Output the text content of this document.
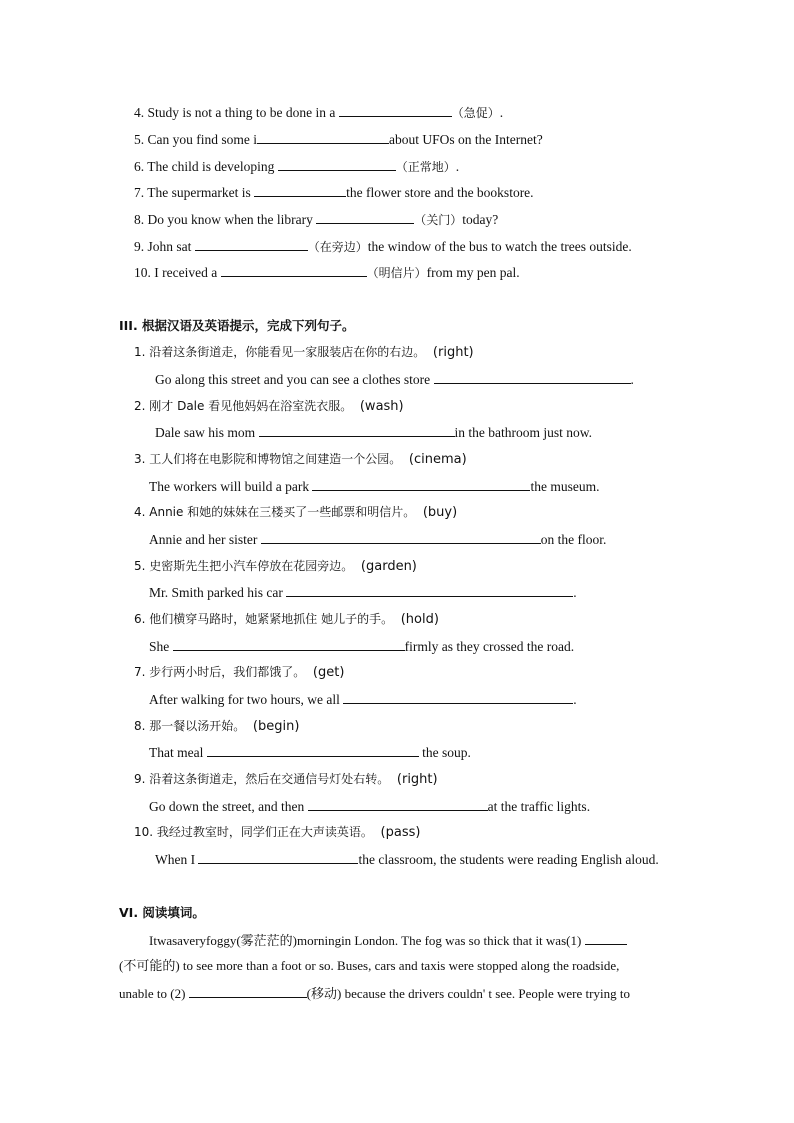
4. Study is not a thing to be done in a	（急促）.
5. Can you find some i	about UFOs on the Internet?
6. The child is developing	（正常地）.
7. The supermarket is	the flower store and the bookstore.
8. Do you know when the library	（关门）today?
9. John sat	（在旁边）the window of the bus to watch the trees outside.
10. I received a	（明信片）from my pen pal.
III. 根据汉语及英语提示，完成下列句子。
1. 沿着这条街道走，你能看见一家服装店在你的右边。 (right)
Go along this street and you can see a clothes store	.
2. 刚才 Dale 看见他妈妈在浴室洗衣服。 (wash)
Dale saw his mom	in the bathroom just now.
3. 工人们将在电影院和博物馆之间建造一个公园。 (cinema)
The workers will build a park	the museum.
4. Annie 和她的妹妹在三楼买了一些邮票和明信片。 (buy)
Annie and her sister	on the floor.
5. 史密斯先生把小汽车停放在花园旁边。 (garden)
Mr. Smith parked his car	.
6. 他们横穿马路时，她紧紧地抓住 她儿子的手。 (hold)
She	firmly as they crossed the road.
7. 步行两小时后，我们都饿了。 (get)
After walking for two hours, we all	.
8. 那一餐以汤开始。 (begin)
That meal	the soup.
9. 沿着这条街道走，然后在交通信号灯处右转。 (right)
Go down the street, and then	at the traffic lights.
10. 我经过教室时，同学们正在大声读英语。 (pass)
When I	the classroom, the students were reading English aloud.
VI. 阅读填词。
Itwasaveryfoggy(雾茫茫的)morningin London. The fog was so thick that it was(1)
(不可能的) to see more than a foot or so. Buses, cars and taxis were stopped along the roadside,
unable to (2)	(移动) because the drivers couldn' t see. People were trying to
